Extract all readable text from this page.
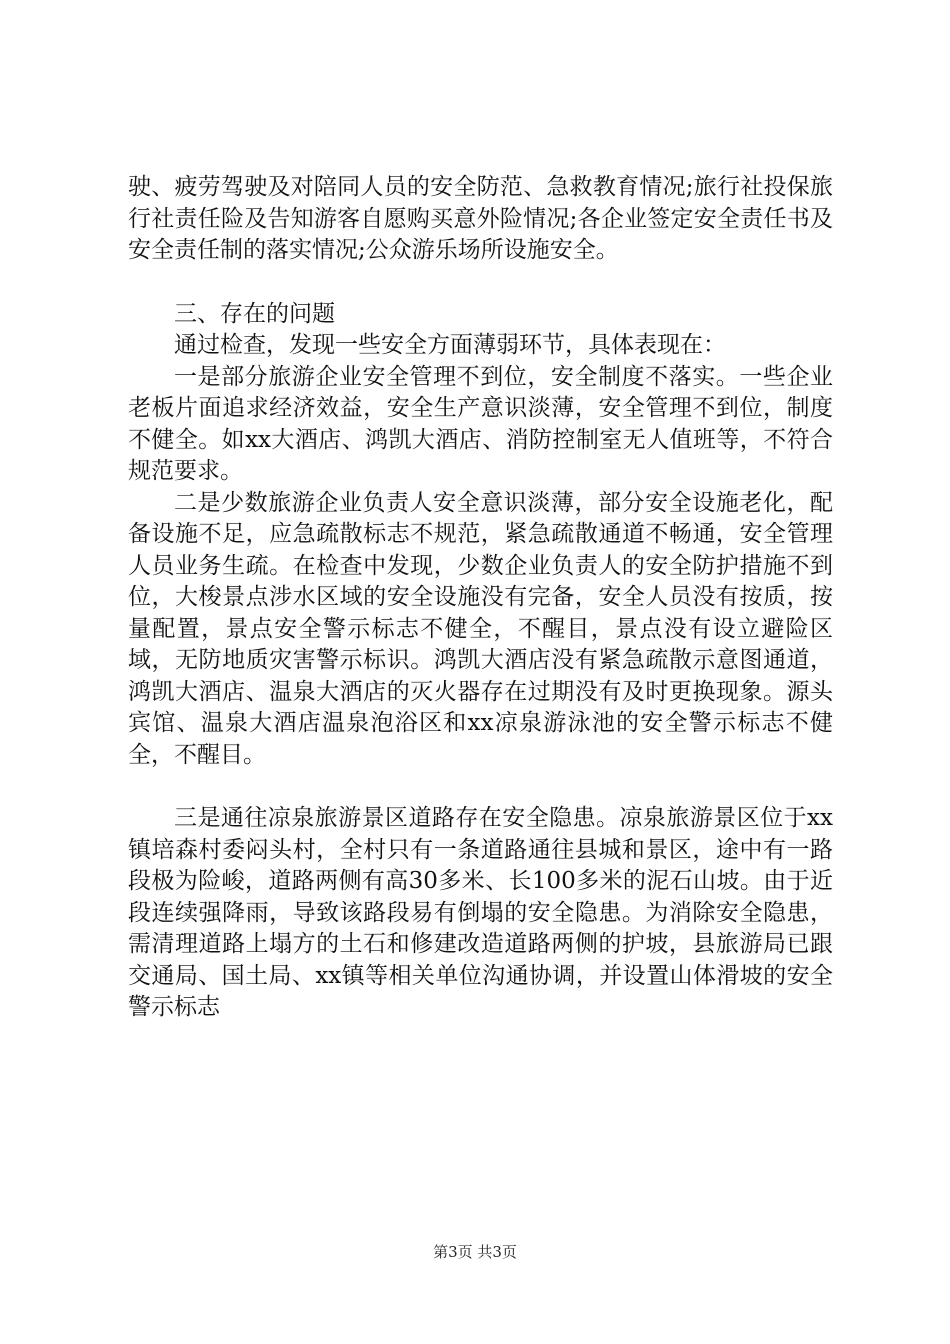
驶、疲劳驾驶及对陪同人员的安全防范、急救教育情况;旅行社投保旅行社责任险及告知游客自愿购买意外险情况;各企业签定安全责任书及安全责任制的落实情况;公众游乐场所设施安全。

三、存在的问题

通过检查，发现一些安全方面薄弱环节，具体表现在：

一是部分旅游企业安全管理不到位，安全制度不落实。一些企业老板片面追求经济效益，安全生产意识淡薄，安全管理不到位，制度不健全。如xx大酒店、鸿凯大酒店、消防控制室无人值班等，不符合规范要求。

二是少数旅游企业负责人安全意识淡薄，部分安全设施老化，配备设施不足，应急疏散标志不规范，紧急疏散通道不畅通，安全管理人员业务生疏。在检查中发现，少数企业负责人的安全防护措施不到位，大梭景点涉水区域的安全设施没有完备，安全人员没有按质，按量配置，景点安全警示标志不健全，不醒目，景点没有设立避险区域，无防地质灾害警示标识。鸿凯大酒店没有紧急疏散示意图通道，鸿凯大酒店、温泉大酒店的灭火器存在过期没有及时更换现象。源头宾馆、温泉大酒店温泉泡浴区和xx凉泉游泳池的安全警示标志不健全，不醒目。

三是通往凉泉旅游景区道路存在安全隐患。凉泉旅游景区位于xx镇培森村委闷头村，全村只有一条道路通往县城和景区，途中有一路段极为险峻，道路两侧有高30多米、长100多米的泥石山坡。由于近段连续强降雨，导致该路段易有倒塌的安全隐患。为消除安全隐患，需清理道路上塌方的土石和修建改造道路两侧的护坡，县旅游局已跟交通局、国土局、xx镇等相关单位沟通协调，并设置山体滑坡的安全警示标志

第3页 共3页
